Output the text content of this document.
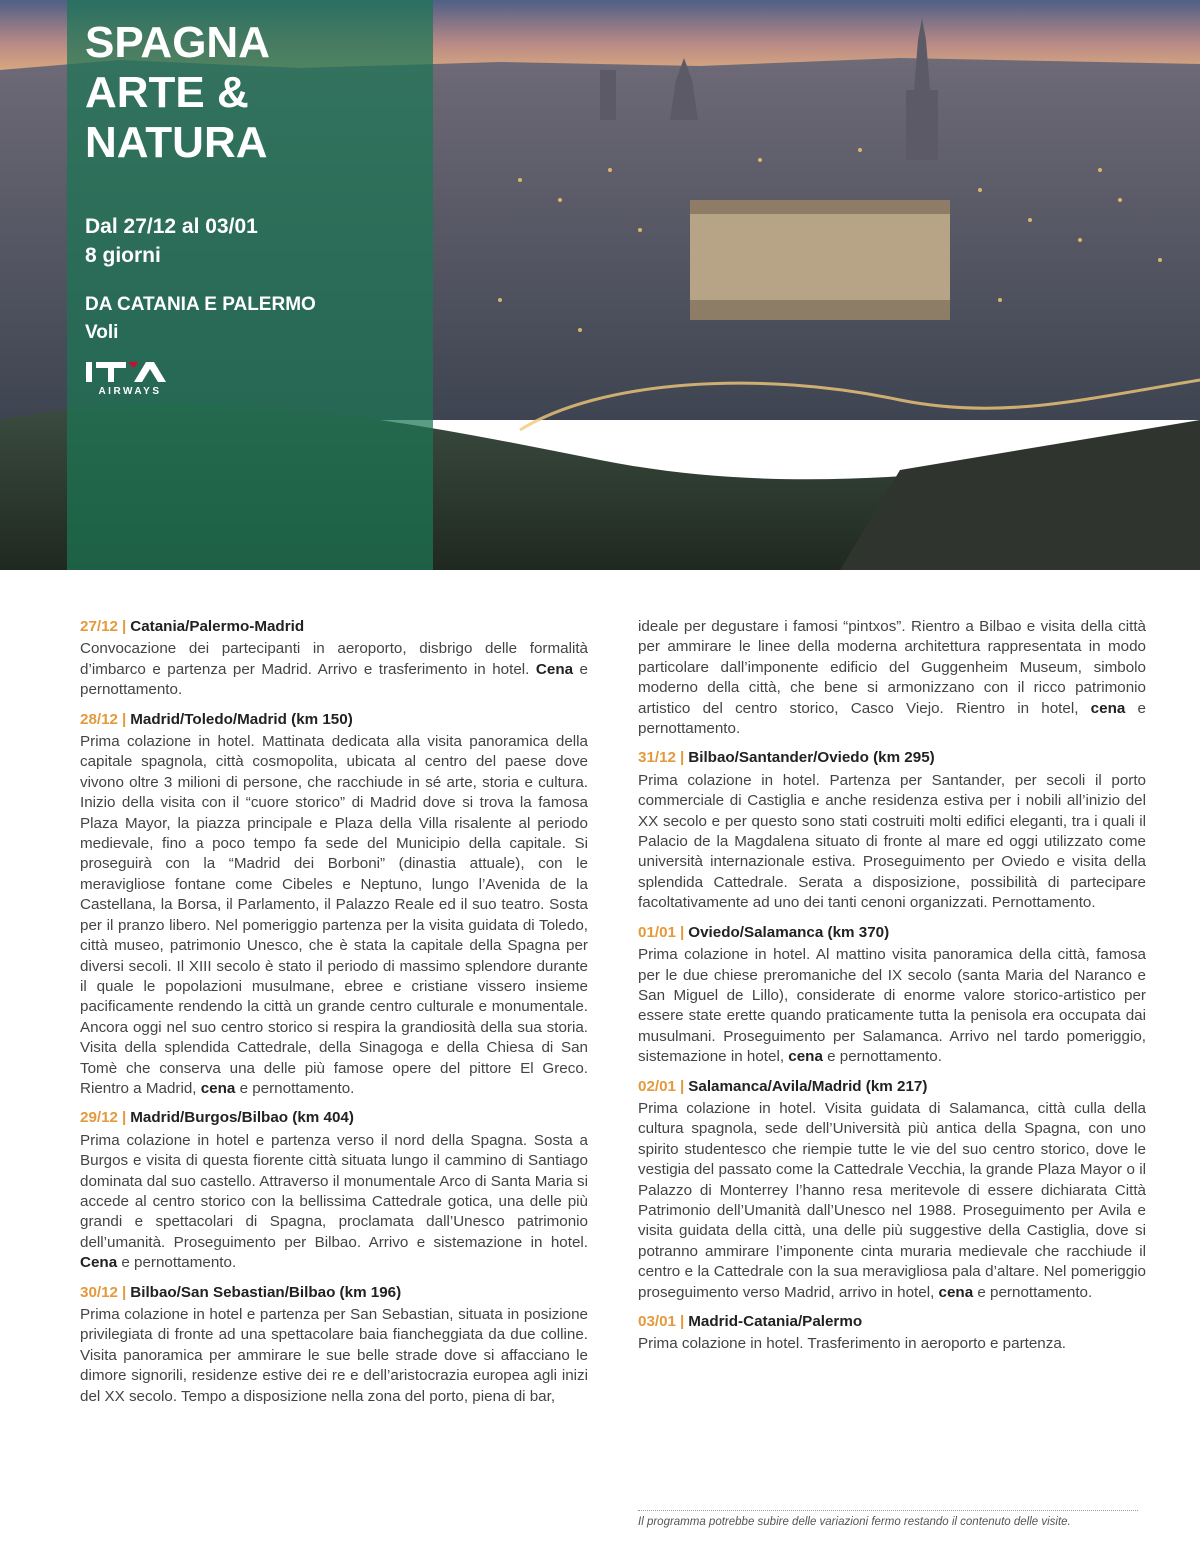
SPAGNA
ARTE &
NATURA
Dal 27/12 al 03/01
8 giorni
DA CATANIA E PALERMO
Voli
AIRWAYS
27/12 | Catania/Palermo-Madrid
Convocazione dei partecipanti in aeroporto, disbrigo delle formalità d’imbarco e partenza per Madrid. Arrivo e trasferimento in hotel. Cena e pernottamento.
28/12 | Madrid/Toledo/Madrid (km 150)
Prima colazione in hotel. Mattinata dedicata alla visita panoramica della capitale spagnola, città cosmopolita, ubicata al centro del paese dove vivono oltre 3 milioni di persone, che racchiude in sé arte, storia e cultura. Inizio della visita con il “cuore storico” di Madrid dove si trova la famosa Plaza Mayor, la piazza principale e Plaza della Villa risalente al periodo medievale, fino a poco tempo fa sede del Municipio della capitale. Si proseguirà con la “Madrid dei Borboni” (dinastia attuale), con le meravigliose fontane come Cibeles e Neptuno, lungo l’Avenida de la Castellana, la Borsa, il Parlamento, il Palazzo Reale ed il suo teatro. Sosta per il pranzo libero. Nel pomeriggio partenza per la visita guidata di Toledo, città museo, patrimonio Unesco, che è stata la capitale della Spagna per diversi secoli. Il XIII secolo è stato il periodo di massimo splendore durante il quale le popolazioni musulmane, ebree e cristiane vissero insieme pacificamente rendendo la città un grande centro culturale e monumentale. Ancora oggi nel suo centro storico si respira la grandiosità della sua storia. Visita della splendida Cattedrale, della Sinagoga e della Chiesa di San Tomè che conserva una delle più famose opere del pittore El Greco. Rientro a Madrid, cena e pernottamento.
29/12 | Madrid/Burgos/Bilbao (km 404)
Prima colazione in hotel e partenza verso il nord della Spagna. Sosta a Burgos e visita di questa fiorente città situata lungo il cammino di Santiago dominata dal suo castello. Attraverso il monumentale Arco di Santa Maria si accede al centro storico con la bellissima Cattedrale gotica, una delle più grandi e spettacolari di Spagna, proclamata dall’Unesco patrimonio dell’umanità. Proseguimento per Bilbao. Arrivo e sistemazione in hotel. Cena e pernottamento.
30/12 | Bilbao/San Sebastian/Bilbao (km 196)
Prima colazione in hotel e partenza per San Sebastian, situata in posizione privilegiata di fronte ad una spettacolare baia fiancheggiata da due colline. Visita panoramica per ammirare le sue belle strade dove si affacciano le dimore signorili, residenze estive dei re e dell’aristocrazia europea agli inizi del XX secolo. Tempo a disposizione nella zona del porto, piena di bar,
ideale per degustare i famosi “pintxos”. Rientro a Bilbao e visita della città per ammirare le linee della moderna architettura rappresentata in modo particolare dall’imponente edificio del Guggenheim Museum, simbolo moderno della città, che bene si armonizzano con il ricco patrimonio artistico del centro storico, Casco Viejo. Rientro in hotel, cena e pernottamento.
31/12 | Bilbao/Santander/Oviedo (km 295)
Prima colazione in hotel. Partenza per Santander, per secoli il porto commerciale di Castiglia e anche residenza estiva per i nobili all’inizio del XX secolo e per questo sono stati costruiti molti edifici eleganti, tra i quali il Palacio de la Magdalena situato di fronte al mare ed oggi utilizzato come università internazionale estiva. Proseguimento per Oviedo e visita della splendida Cattedrale. Serata a disposizione, possibilità di partecipare facoltativamente ad uno dei tanti cenoni organizzati. Pernottamento.
01/01 | Oviedo/Salamanca (km 370)
Prima colazione in hotel. Al mattino visita panoramica della città, famosa per le due chiese preromaniche del IX secolo (santa Maria del Naranco e San Miguel de Lillo), considerate di enorme valore storico-artistico per essere state erette quando praticamente tutta la penisola era occupata dai musulmani. Proseguimento per Salamanca. Arrivo nel tardo pomeriggio, sistemazione in hotel, cena e pernottamento.
02/01 | Salamanca/Avila/Madrid (km 217)
Prima colazione in hotel. Visita guidata di Salamanca, città culla della cultura spagnola, sede dell’Università più antica della Spagna, con uno spirito studentesco che riempie tutte le vie del suo centro storico, dove le vestigia del passato come la Cattedrale Vecchia, la grande Plaza Mayor o il Palazzo di Monterrey l’hanno resa meritevole di essere dichiarata Città Patrimonio dell’Umanità dall’Unesco nel 1988. Proseguimento per Avila e visita guidata della città, una delle più suggestive della Castiglia, dove si potranno ammirare l’imponente cinta muraria medievale che racchiude il centro e la Cattedrale con la sua meravigliosa pala d’altare. Nel pomeriggio proseguimento verso Madrid, arrivo in hotel, cena e pernottamento.
03/01 | Madrid-Catania/Palermo
Prima colazione in hotel. Trasferimento in aeroporto e partenza.
Il programma potrebbe subire delle variazioni fermo restando il contenuto delle visite.
